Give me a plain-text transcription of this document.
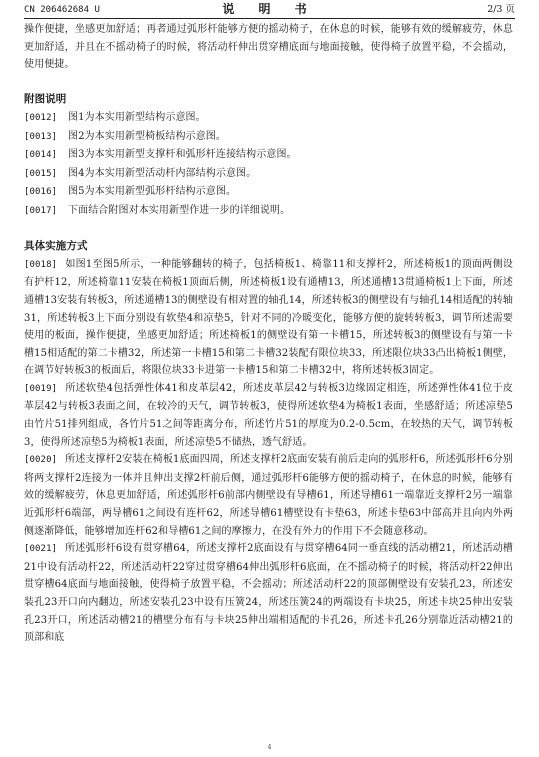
CN 206462684 U	说 明 书	2/3 页

操作便捷，坐感更加舒适；再者通过弧形杆能够方便的摇动椅子，在休息的时候，能够有效的缓解疲劳，休息更加舒适，并且在不摇动椅子的时候，将活动杆伸出贯穿槽底面与地面接触，使得椅子放置平稳，不会摇动，使用便捷。

附图说明

[0012] 图1为本实用新型结构示意图。

[0013] 图2为本实用新型椅板结构示意图。

[0014] 图3为本实用新型支撑杆和弧形杆连接结构示意图。

[0015] 图4为本实用新型活动杆内部结构示意图。

[0016] 图5为本实用新型弧形杆结构示意图。

[0017] 下面结合附图对本实用新型作进一步的详细说明。

具体实施方式

[0018] 如图1至图5所示，一种能够翻转的椅子，包括椅板1、椅靠11和支撑杆2，所述椅板1的顶面两侧设有护杆12，所述椅靠11安装在椅板1顶面后侧，所述椅板1设有通槽13，所述通槽13贯通椅板1上下面，所述通槽13安装有转板3，所述通槽13的侧壁设有相对置的轴孔14，所述转板3的侧壁设有与轴孔14相适配的转轴31，所述转板3上下面分别设有软垫4和凉垫5，针对不同的冷暖变化，能够方便的旋转转板3，调节所述需要使用的板面，操作便捷，坐感更加舒适；所述椅板1的侧壁设有第一卡槽15，所述转板3的侧壁设有与第一卡槽15相适配的第二卡槽32，所述第一卡槽15和第二卡槽32装配有限位块33，所述限位块33凸出椅板1侧壁，在调节好转板3的板面后，将限位块33卡进第一卡槽15和第二卡槽32中，将所述转板3固定。

[0019] 所述软垫4包括弹性体41和皮革层42，所述皮革层42与转板3边缘固定相连，所述弹性体41位于皮革层42与转板3表面之间，在较冷的天气，调节转板3，使得所述软垫4为椅板1表面，坐感舒适；所述凉垫5由竹片51排列组成，各竹片51之间等距离分布，所述竹片51的厚度为0.2-0.5cm，在较热的天气，调节转板3，使得所述凉垫5为椅板1表面，所述凉垫5不储热，透气舒适。

[0020] 所述支撑杆2安装在椅板1底面四周，所述支撑杆2底面安装有前后走向的弧形杆6，所述弧形杆6分别将两支撑杆2连接为一体并且伸出支撑2杆前后侧，通过弧形杆6能够方便的摇动椅子，在休息的时候，能够有效的缓解疲劳，休息更加舒适，所述弧形杆6前部内侧壁设有导槽61，所述导槽61一端靠近支撑杆2另一端靠近弧形杆6端部，两导槽61之间设有连杆62，所述导槽61槽壁设有卡垫63，所述卡垫63中部高并且向内外两侧逐渐降低，能够增加连杆62和导槽61之间的摩擦力，在没有外力的作用下不会随意移动。

[0021] 所述弧形杆6设有贯穿槽64，所述支撑杆2底面设有与贯穿槽64同一垂直线的活动槽21，所述活动槽21中设有活动杆22，所述活动杆22穿过贯穿槽64伸出弧形杆6底面，在不摇动椅子的时候，将活动杆22伸出贯穿槽64底面与地面接触，使得椅子放置平稳，不会摇动；所述活动杆22的顶部侧壁设有安装孔23，所述安装孔23开口向内翻边，所述安装孔23中设有压簧24，所述压簧24的两端设有卡块25，所述卡块25伸出安装孔23开口，所述活动槽21的槽壁分布有与卡块25伸出端相适配的卡孔26，所述卡孔26分别靠近活动槽21的顶部和底

4
